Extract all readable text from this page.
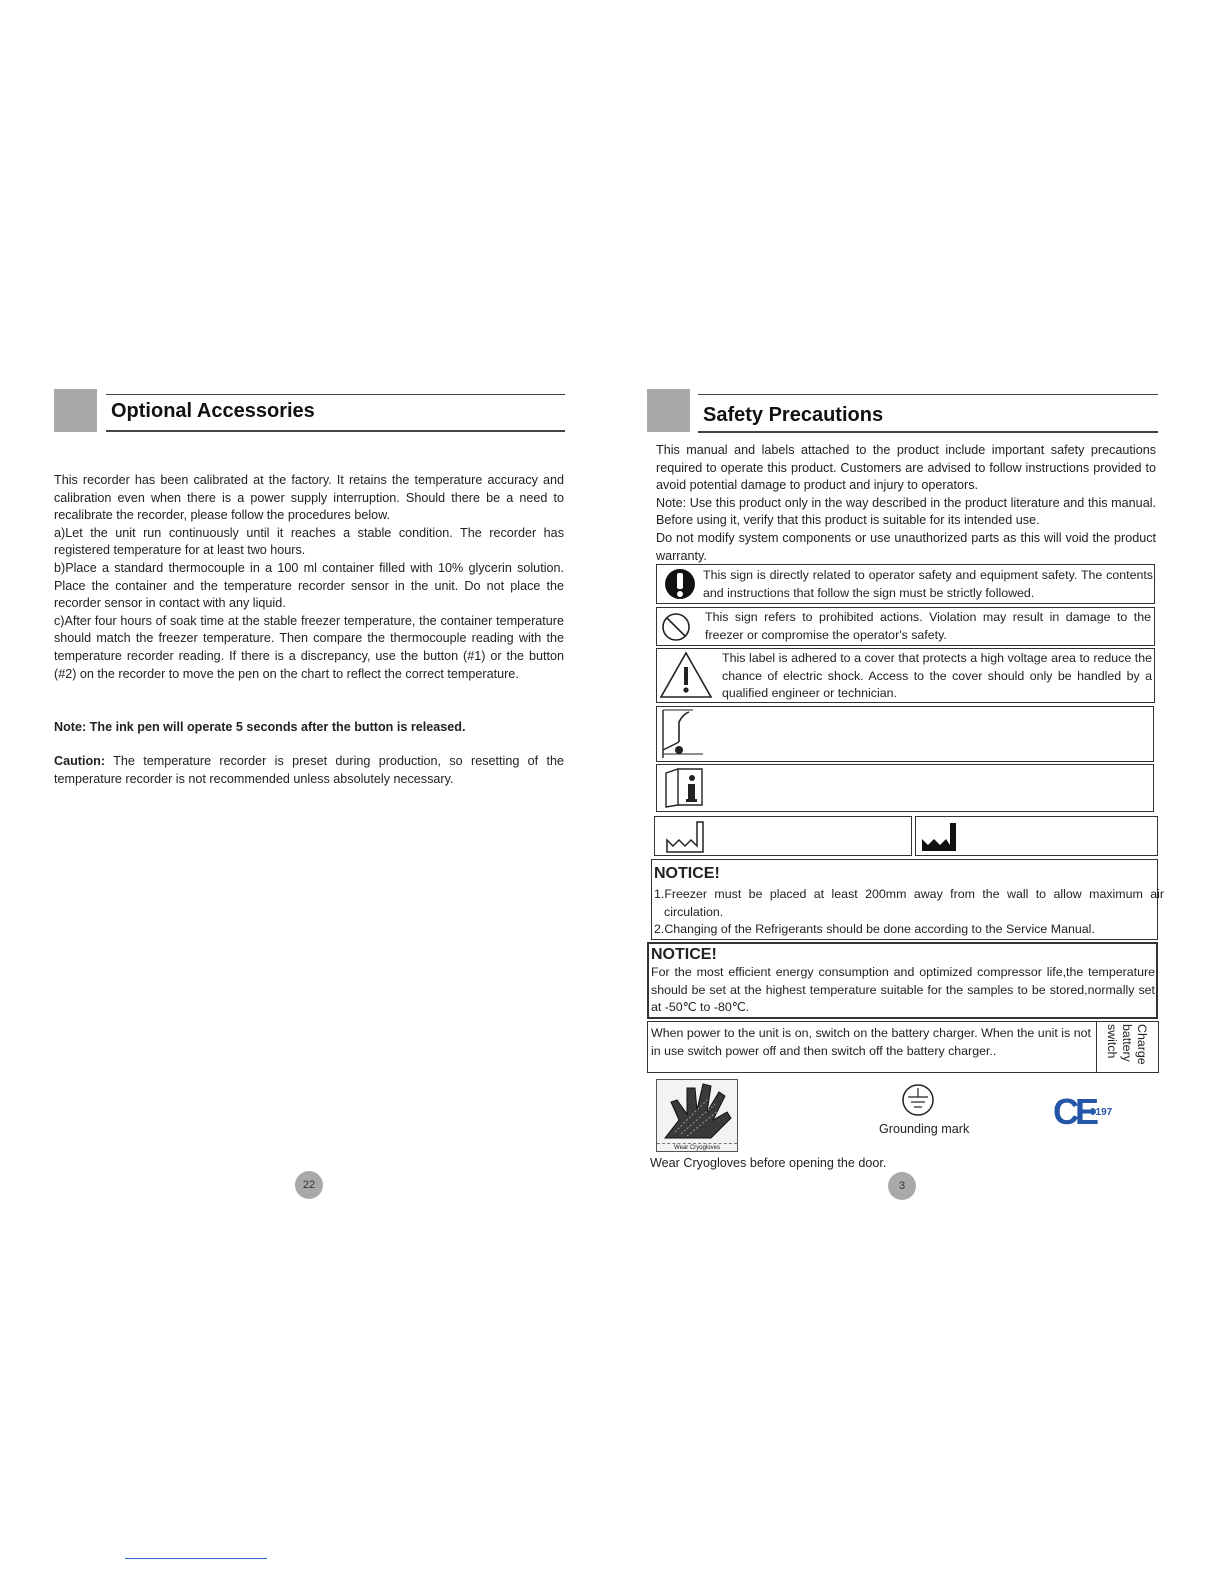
Optional Accessories

This recorder has been calibrated at the factory. It retains the temperature accuracy and calibration even when there is a power supply interruption. Should there be a need to recalibrate the recorder, please follow the procedures below.

a)Let the unit run continuously until it reaches a stable condition. The recorder has registered temperature for at least two hours.

b)Place a standard thermocouple in a 100 ml container filled with 10% glycerin solution. Place the container and the temperature recorder sensor in the unit. Do not place the recorder sensor in contact with any liquid.

c)After four hours of soak time at the stable freezer temperature, the container temperature should match the freezer temperature. Then compare the thermocouple reading with the temperature recorder reading. If there is a discrepancy, use the button (#1) or the button (#2) on the recorder to move the pen on the chart to reflect the correct temperature.

Note: The ink pen will operate 5 seconds after the button is released.
Caution: The temperature recorder is preset during production, so resetting of the temperature recorder is not recommended unless absolutely necessary.
22
Safety Precautions

This manual and labels attached to the product include important safety precautions required to operate this product. Customers are advised to follow instructions provided to avoid potential damage to product and injury to operators.

Note: Use this product only in the way described in the product literature and this manual. Before using it, verify that this product is suitable for its intended use.

Do not modify system components or use unauthorized parts as this will void the product warranty.

This sign is directly related to operator safety and equipment safety. The contents and instructions that follow the sign must be strictly followed.
This sign refers to prohibited actions. Violation may result in damage to the freezer or compromise the operator's safety.
This label is adhered to a cover that protects a high voltage area to reduce the chance of electric shock. Access to the cover should only be handled by a qualified engineer or technician.
NOTICE!
1.Freezer must be placed at least 200mm away from the wall to allow maximum air circulation.
2.Changing of the Refrigerants should be done according to the Service Manual.
NOTICE!
For the most efficient energy consumption and optimized compressor life,the temperature should be set at the highest temperature suitable for the samples to be stored,normally set at -50℃ to -80℃.
When power to the unit is on, switch on the battery charger. When the unit is not in use switch power off and then switch off the battery charger..	Charge battery switch
Wear Cryogloves
Wear Cryogloves before opening the door.
Grounding mark CE
0197
3
